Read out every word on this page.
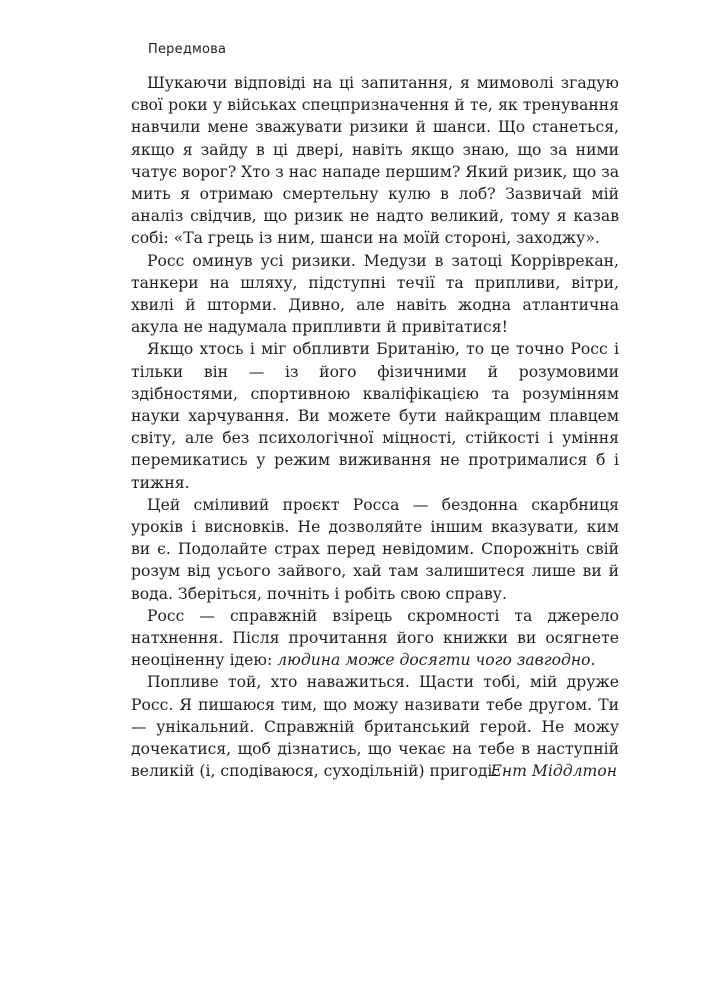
Передмова

Шукаючи відповіді на ці запитання, я мимоволі згадую свої роки у військах спецпризначення й те, як тренування навчили мене зважувати ризики й шанси. Що станеться, якщо я зайду в ці двері, навіть якщо знаю, що за ними чатує ворог? Хто з нас нападе першим? Який ризик, що за мить я отримаю смертельну кулю в лоб? Зазвичай мій аналіз свідчив, що ризик не надто великий, тому я казав собі: «Та грець із ним, шанси на моїй стороні, заходжу».

Росс оминув усі ризики. Медузи в затоці Корріврекан, танкери на шляху, підступні течії та припливи, вітри, хвилі й шторми. Дивно, але навіть жодна атлантична акула не надумала припливти й привітатися!

Якщо хтось і міг обпливти Британію, то це точно Росс і тільки він — із його фізичними й розумовими здібностями, спортивною кваліфікацією та розумінням науки харчування. Ви можете бути найкращим плавцем світу, але без психологічної міцності, стійкості і уміння перемикатись у режим виживання не протрималися б і тижня.

Цей сміливий проєкт Росса — бездонна скарбниця уроків і висновків. Не дозволяйте іншим вказувати, ким ви є. Подолайте страх перед невідомим. Спорожніть свій розум від усього зайвого, хай там залишитеся лише ви й вода. Зберіться, почніть і робіть свою справу.

Росс — справжній взірець скромності та джерело натхнення. Після прочитання його книжки ви осягнете неоціненну ідею: людина може досягти чого завгодно.

Попливе той, хто наважиться. Щасти тобі, мій друже Росс. Я пишаюся тим, що можу називати тебе другом. Ти — унікальний. Справжній британський герой. Не можу дочекатися, щоб дізнатись, що чекає на тебе в наступній великій (і, сподіваюся, суходільній) пригоді.

Ент Міддлтон
